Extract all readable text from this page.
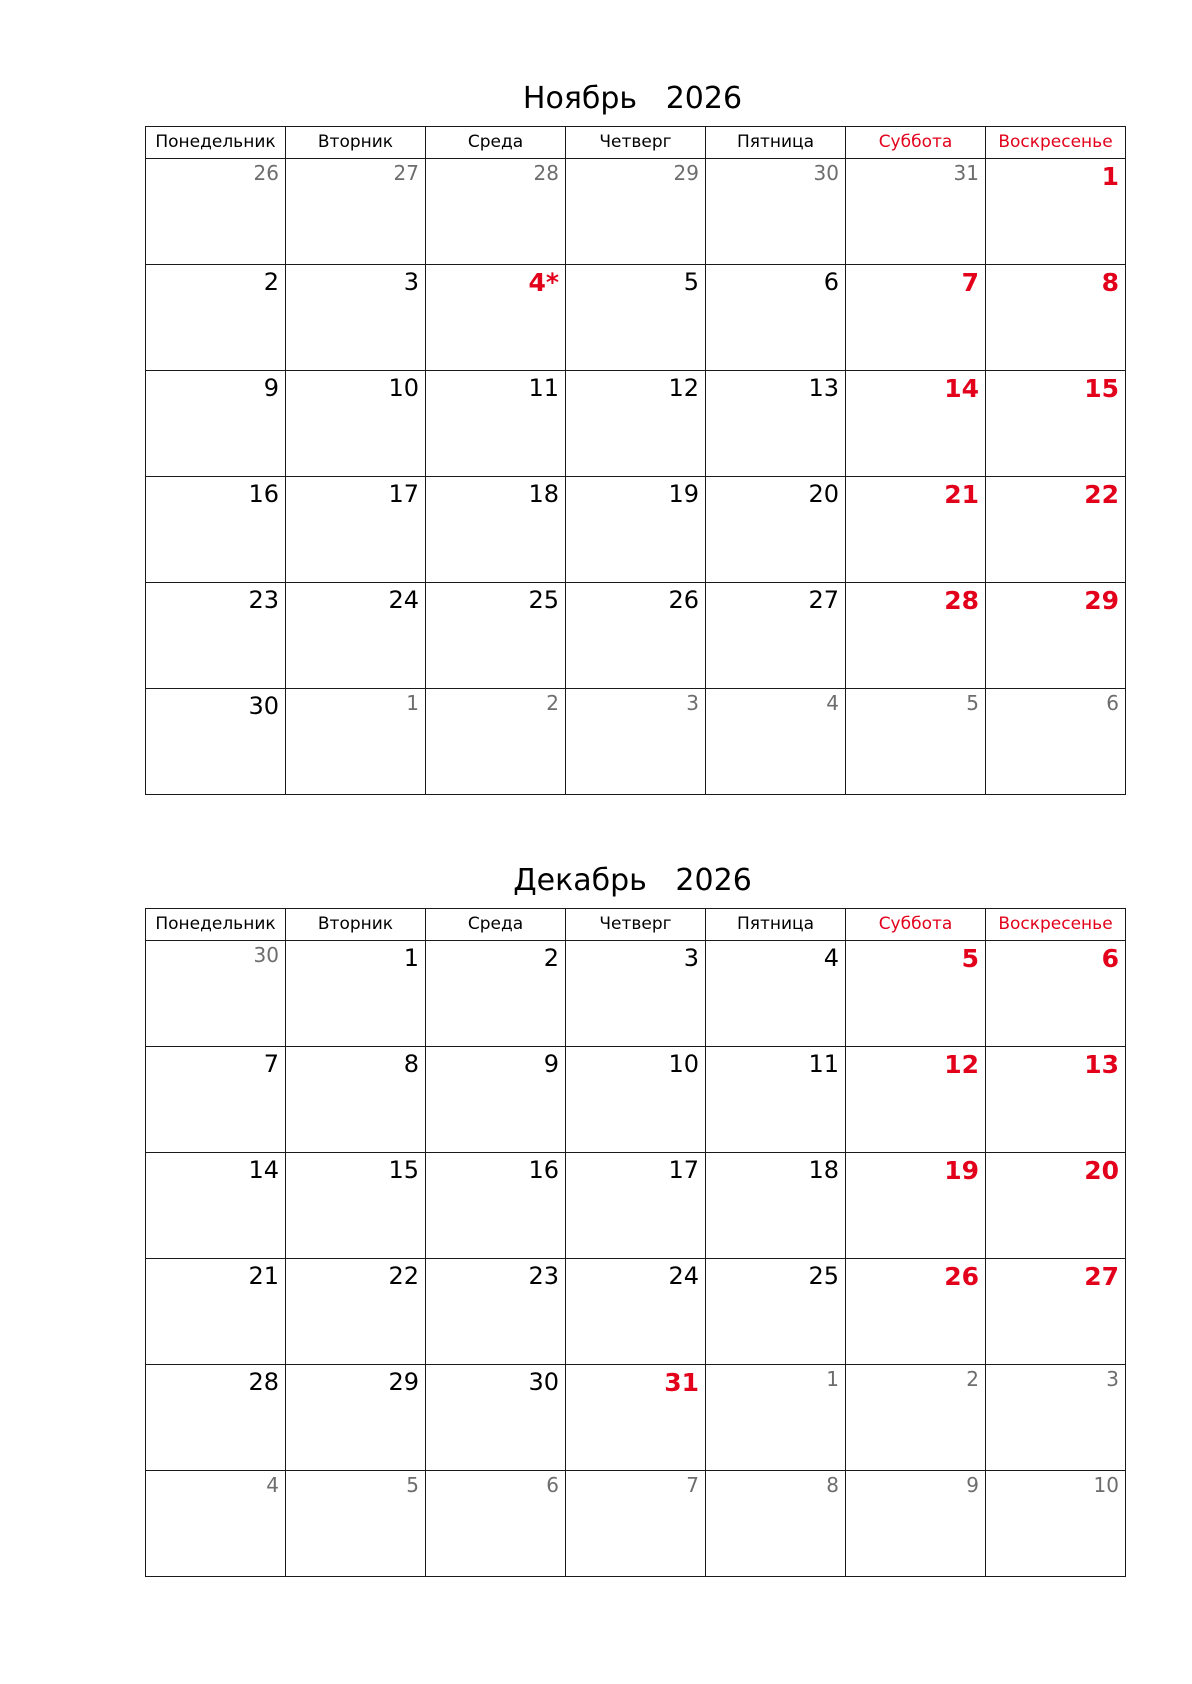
Ноябрь   2026
Понедельник	Вторник	Среда	Четверг	Пятница	Суббота	Воскресенье

26	27	28	29	30	31	1

2	3	4*	5	6	7	8

9	10	11	12	13	14	15

16	17	18	19	20	21	22

23	24	25	26	27	28	29

30	1	2	3	4	5	6
Декабрь   2026
Понедельник	Вторник	Среда	Четверг	Пятница	Суббота	Воскресенье

30	1	2	3	4	5	6

7	8	9	10	11	12	13

14	15	16	17	18	19	20

21	22	23	24	25	26	27

28	29	30	31	1	2	3

4	5	6	7	8	9	10
